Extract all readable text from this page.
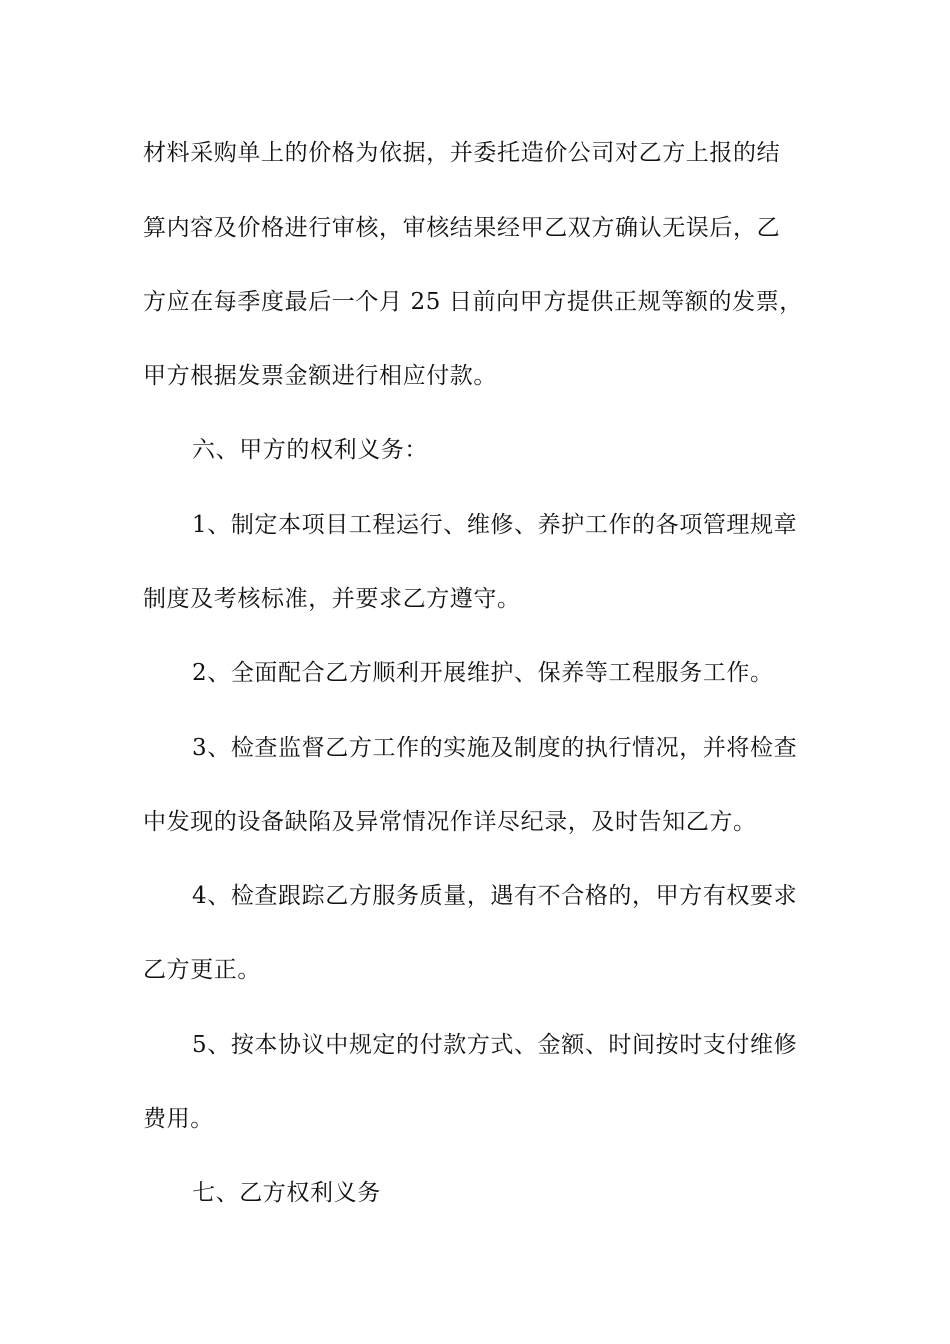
材料采购单上的价格为依据，并委托造价公司对乙方上报的结
算内容及价格进行审核，审核结果经甲乙双方确认无误后，乙
方应在每季度最后一个月 25 日前向甲方提供正规等额的发票，
甲方根据发票金额进行相应付款。
六、甲方的权利义务：
1、制定本项目工程运行、维修、养护工作的各项管理规章
制度及考核标准，并要求乙方遵守。
2、全面配合乙方顺利开展维护、保养等工程服务工作。
3、检查监督乙方工作的实施及制度的执行情况，并将检查
中发现的设备缺陷及异常情况作详尽纪录，及时告知乙方。
4、检查跟踪乙方服务质量，遇有不合格的，甲方有权要求
乙方更正。
5、按本协议中规定的付款方式、金额、时间按时支付维修
费用。
七、乙方权利义务
